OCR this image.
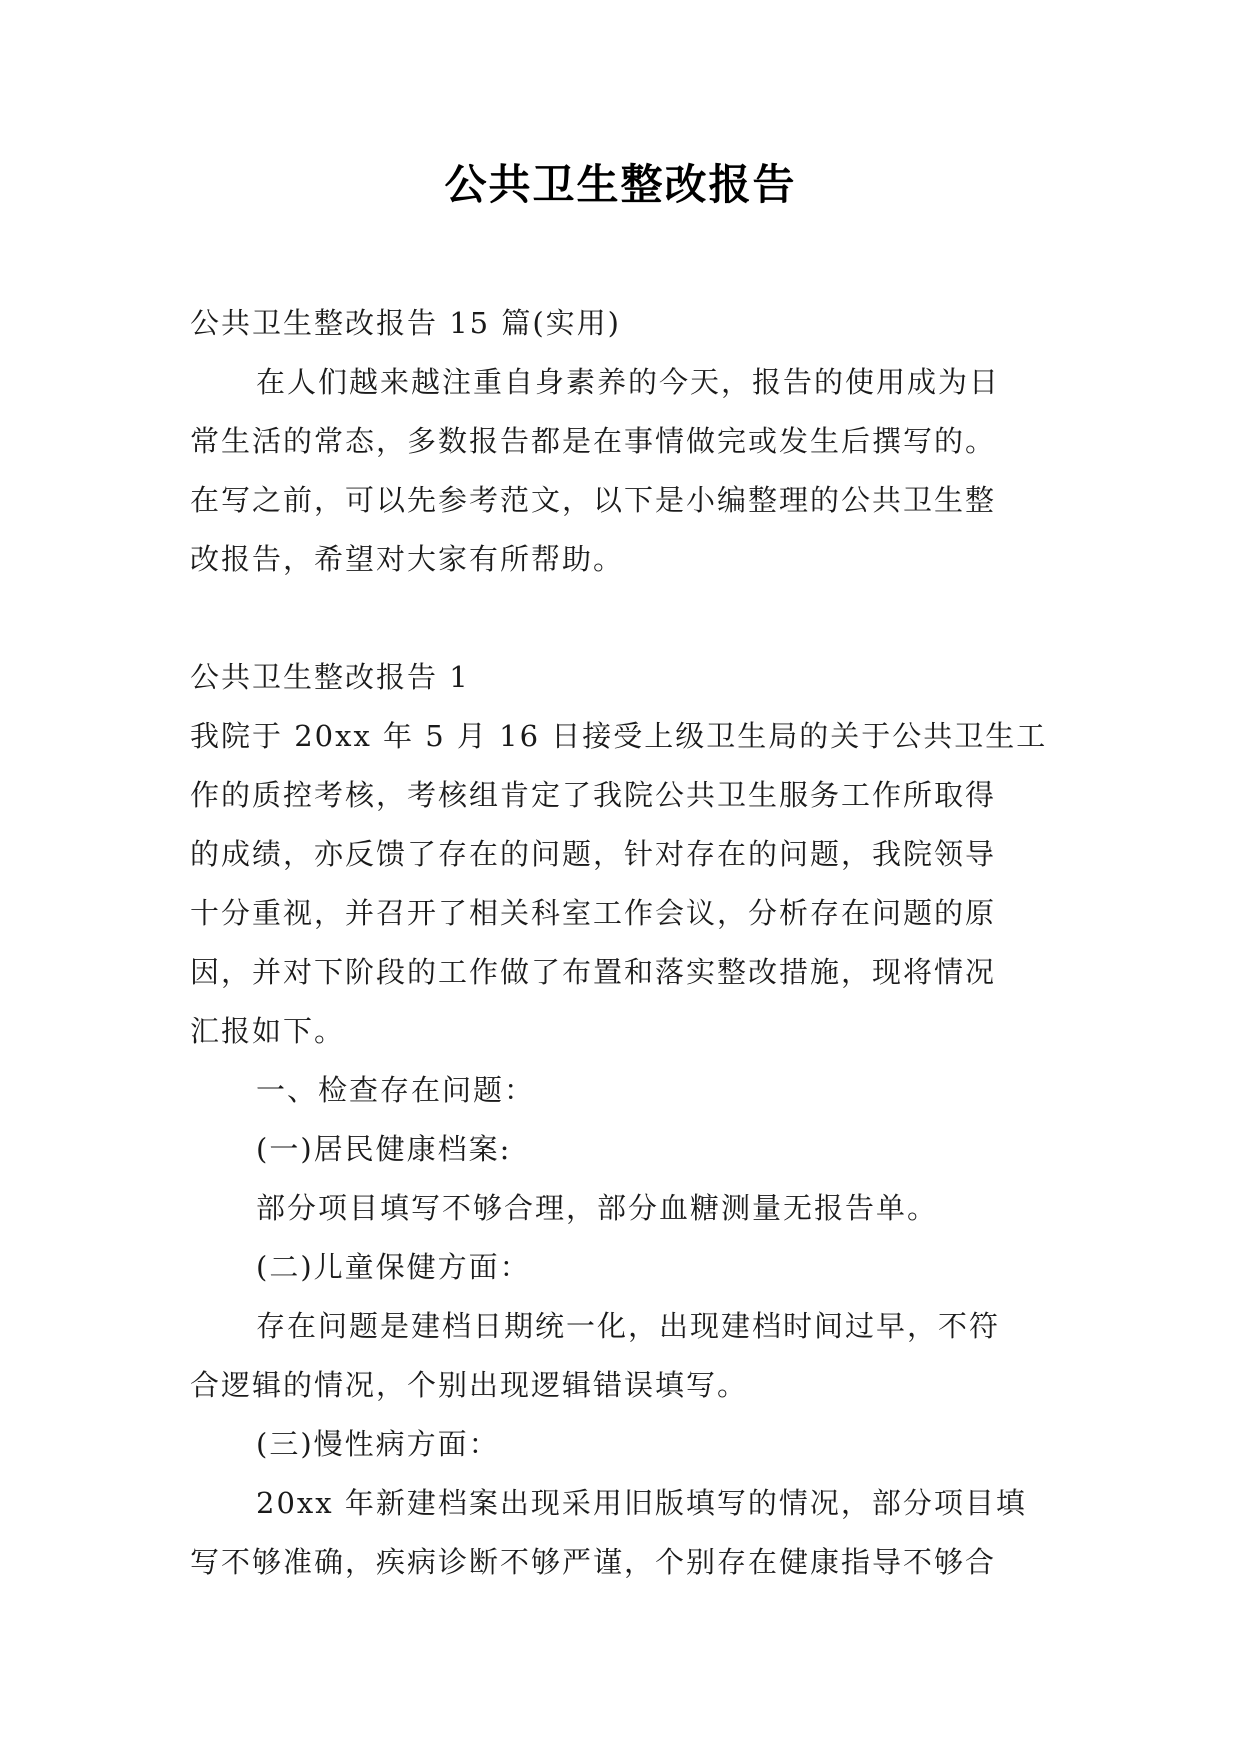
公共卫生整改报告

公共卫生整改报告 15 篇(实用)

在人们越来越注重自身素养的今天，报告的使用成为日

常生活的常态，多数报告都是在事情做完或发生后撰写的。

在写之前，可以先参考范文，以下是小编整理的公共卫生整

改报告，希望对大家有所帮助。

公共卫生整改报告 1

我院于 20xx 年 5 月 16 日接受上级卫生局的关于公共卫生工

作的质控考核，考核组肯定了我院公共卫生服务工作所取得

的成绩，亦反馈了存在的问题，针对存在的问题，我院领导

十分重视，并召开了相关科室工作会议，分析存在问题的原

因，并对下阶段的工作做了布置和落实整改措施，现将情况

汇报如下。

一、检查存在问题：

(一)居民健康档案:

部分项目填写不够合理，部分血糖测量无报告单。

(二)儿童保健方面：

存在问题是建档日期统一化，出现建档时间过早，不符

合逻辑的情况，个别出现逻辑错误填写。

(三)慢性病方面：

20xx 年新建档案出现采用旧版填写的情况，部分项目填

写不够准确，疾病诊断不够严谨，个别存在健康指导不够合
